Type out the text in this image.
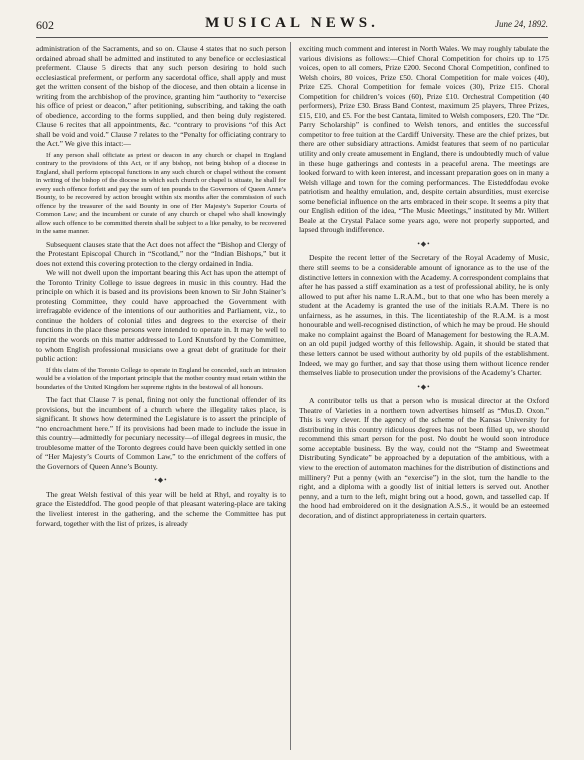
602	MUSICAL NEWS.	June 24, 1892.

administration of the Sacraments, and so on. Clause 4 states that no such person ordained abroad shall be admitted and instituted to any benefice or ecclesiastical preferment. Clause 5 directs that any such person desiring to hold such ecclesiastical preferment, or perform any sacerdotal office, shall apply and must get the written consent of the bishop of the diocese, and then obtain a license in writing from the archbishop of the province, granting him “authority to “exercise his office of priest or deacon,” after petitioning, subscribing, and taking the oath of obedience, according to the forms supplied, and then being duly registered. Clause 6 recites that all appointments, &c. “contrary to provisions “of this Act shall be void and void.” Clause 7 relates to the “Penalty for officiating contrary to the Act.” We give this intact:—

If any person shall officiate as priest or deacon in any church or chapel in England contrary to the provisions of this Act, or if any bishop, not being bishop of a diocese in England, shall perform episcopal functions in any such church or chapel without the consent in writing of the bishop of the diocese in which such church or chapel is situate, he shall for every such offence forfeit and pay the sum of ten pounds to the Governors of Queen Anne’s Bounty, to be recovered by action brought within six months after the commission of such offence by the treasurer of the said Bounty in one of Her Majesty’s Superior Courts of Common Law; and the incumbent or curate of any church or chapel who shall knowingly allow such offence to be committed therein shall be subject to a like penalty, to be recovered in the same manner.

Subsequent clauses state that the Act does not affect the “Bishop and Clergy of the Protestant Episcopal Church in “Scotland,” nor the “Indian Bishops,” but it does not extend this covering protection to the clergy ordained in India.

We will not dwell upon the important bearing this Act has upon the attempt of the Toronto Trinity College to issue degrees in music in this country. Had the principle on which it is based and its provisions been known to Sir John Stainer’s protesting Committee, they could have approached the Government with irrefragable evidence of the intentions of our authorities and Parliament, viz., to continue the holders of colonial titles and degrees to the exercise of their functions in the place these persons were intended to operate in. It may be well to reprint the words on this matter addressed to Lord Knutsford by the Committee, to whom English professional musicians owe a great debt of gratitude for their public action:

If this claim of the Toronto College to operate in England be conceded, such an intrusion would be a violation of the important principle that the mother country must retain within the boundaries of the United Kingdom her supreme rights in the bestowal of all honours.

The fact that Clause 7 is penal, fining not only the functional offender of its provisions, but the incumbent of a church where the illegality takes place, is significant. It shows how determined the Legislature is to assert the principle of “no encroachment here.” If its provisions had been made to include the issue in this country—admittedly for pecuniary necessity—of illegal degrees in music, the troublesome matter of the Toronto degrees could have been quickly settled in one of “Her Majesty’s Courts of Common Law,” to the enrichment of the coffers of the Governors of Queen Anne’s Bounty.

•◆•

The great Welsh festival of this year will be held at Rhyl, and royalty is to grace the Eisteddfod. The good people of that pleasant watering-place are taking the liveliest interest in the gathering, and the scheme the Committee has put forward, together with the list of prizes, is already

exciting much comment and interest in North Wales. We may roughly tabulate the various divisions as follows:—Chief Choral Competition for choirs up to 175 voices, open to all comers, Prize £200. Second Choral Competition, confined to Welsh choirs, 80 voices, Prize £50. Choral Competition for male voices (40), Prize £25. Choral Competition for female voices (30), Prize £15. Choral Competition for children’s voices (60), Prize £10. Orchestral Competition (40 performers), Prize £30. Brass Band Contest, maximum 25 players, Three Prizes, £15, £10, and £5. For the best Cantata, limited to Welsh composers, £20. The “Dr. Parry Scholarship” is confined to Welsh tenors, and entitles the successful competitor to free tuition at the Cardiff University. These are the chief prizes, but there are other subsidiary attractions. Amidst features that seem of no particular utility and only create amusement in England, there is undoubtedly much of value in these huge gatherings and contests in a peaceful arena. The meetings are looked forward to with keen interest, and incessant preparation goes on in many a Welsh village and town for the coming performances. The Eisteddfodau evoke patriotism and healthy emulation, and, despite certain absurdities, must exercise some beneficial influence on the arts embraced in their scope. It seems a pity that our English edition of the idea, “The Music Meetings,” instituted by Mr. Willert Beale at the Crystal Palace some years ago, were not properly supported, and lapsed through indifference.

•◆•

Despite the recent letter of the Secretary of the Royal Academy of Music, there still seems to be a considerable amount of ignorance as to the use of the distinctive letters in connexion with the Academy. A correspondent complains that after he has passed a stiff examination as a test of professional ability, he is only allowed to put after his name L.R.A.M., but to that one who has been merely a student at the Academy is granted the use of the initials R.A.M. There is no unfairness, as he assumes, in this. The licentiateship of the R.A.M. is a most honourable and well-recognised distinction, of which he may be proud. He should make no complaint against the Board of Management for bestowing the R.A.M. on an old pupil judged worthy of this fellowship. Again, it should be stated that these letters cannot be used without authority by old pupils of the establishment. Indeed, we may go further, and say that those using them without licence render themselves liable to prosecution under the provisions of the Academy’s Charter.

•◆•

A contributor tells us that a person who is musical director at the Oxford Theatre of Varieties in a northern town advertises himself as “Mus.D. Oxon.” This is very clever. If the agency of the scheme of the Kansas University for distributing in this country ridiculous degrees has not been filled up, we should recommend this smart person for the post. No doubt he would soon introduce some acceptable business. By the way, could not the “Stamp and Sweetmeat Distributing Syndicate” be approached by a deputation of the ambitious, with a view to the erection of automaton machines for the distribution of distinctions and millinery? Put a penny (with an “exercise”) in the slot, turn the handle to the right, and a diploma with a goodly list of initial letters is served out. Another penny, and a turn to the left, might bring out a hood, gown, and tasselled cap. If the hood had embroidered on it the designation A.S.S., it would be an esteemed decoration, and of distinct appropriateness in certain quarters.
